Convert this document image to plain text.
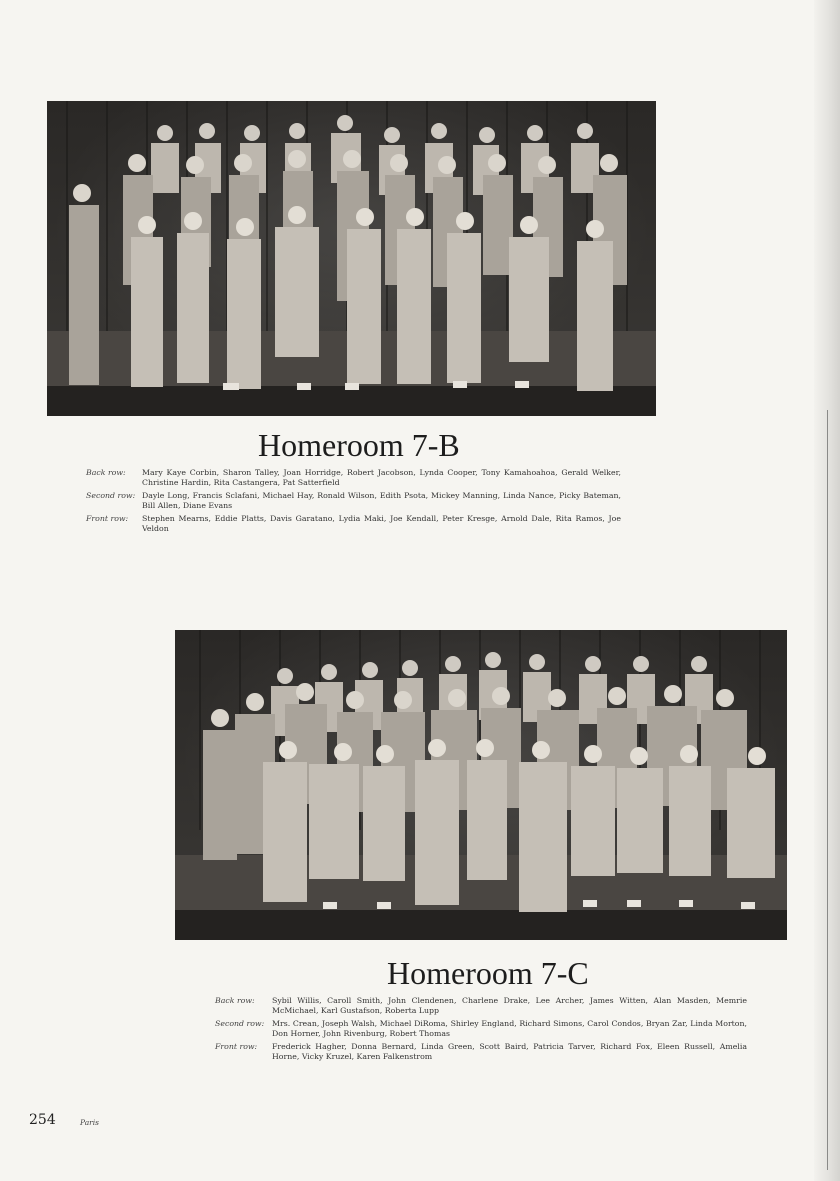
Homeroom 7-B
Back row:	Mary Kaye Corbin, Sharon Talley, Joan Horridge, Robert Jacobson, Lynda Cooper, Tony Kamahoahoa, Gerald Welker, Christine Hardin, Rita Castangera, Pat Satterfield
Second row: Dayle Long, Francis Sclafani, Michael Hay, Ronald Wilson, Edith Psota, Mickey Manning, Linda Nance, Picky Bateman, Bill Allen, Diane Evans
Front row:	Stephen Mearns, Eddie Platts, Davis Garatano, Lydia Maki, Joe Kendall, Peter Kresge, Arnold Dale, Rita Ramos, Joe Veldon
Homeroom 7-C
Back row:	Sybil Willis, Caroll Smith, John Clendenen, Charlene Drake, Lee Archer, James Witten, Alan Masden, Memrie McMichael, Karl Gustafson, Roberta Lupp
Second row: Mrs. Crean, Joseph Walsh, Michael DiRoma, Shirley England, Richard Simons, Carol Condos, Bryan Zar, Linda Morton, Don Horner, John Rivenburg, Robert Thomas
Front row:	Frederick Hagher, Donna Bernard, Linda Green, Scott Baird, Patricia Tarver, Richard Fox, Eleen Russell, Amelia Horne, Vicky Kruzel, Karen Falkenstrom
254	Paris
